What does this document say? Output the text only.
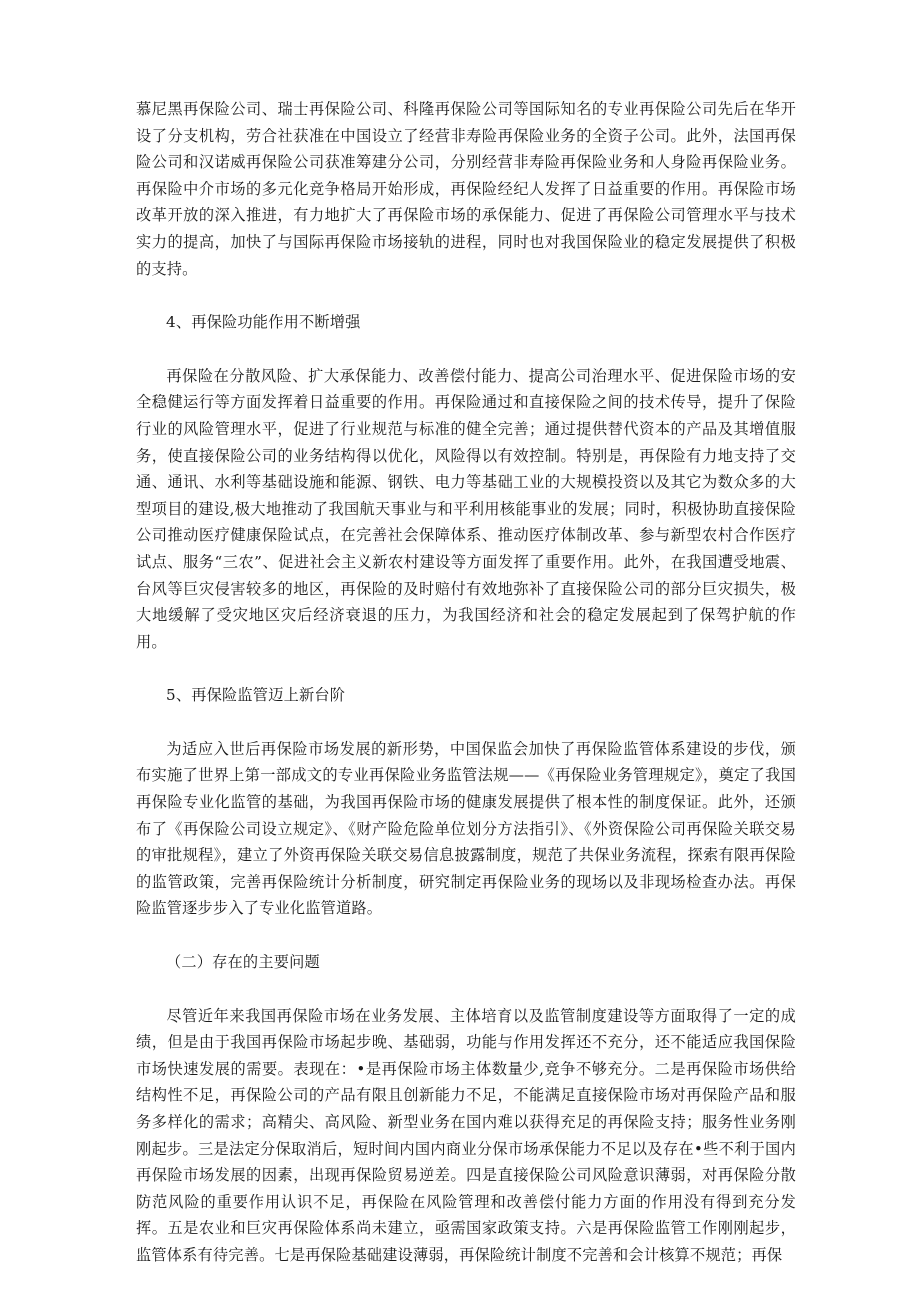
慕尼黑再保险公司、瑞士再保险公司、科隆再保险公司等国际知名的专业再保险公司先后在华开设了分支机构，劳合社获准在中国设立了经营非寿险再保险业务的全资子公司。此外，法国再保险公司和汉诺威再保险公司获准筹建分公司，分别经营非寿险再保险业务和人身险再保险业务。再保险中介市场的多元化竞争格局开始形成，再保险经纪人发挥了日益重要的作用。再保险市场改革开放的深入推进，有力地扩大了再保险市场的承保能力、促进了再保险公司管理水平与技术实力的提高，加快了与国际再保险市场接轨的进程，同时也对我国保险业的稳定发展提供了积极的支持。

4、再保险功能作用不断增强

再保险在分散风险、扩大承保能力、改善偿付能力、提高公司治理水平、促进保险市场的安全稳健运行等方面发挥着日益重要的作用。再保险通过和直接保险之间的技术传导，提升了保险行业的风险管理水平，促进了行业规范与标准的健全完善；通过提供替代资本的产品及其增值服务，使直接保险公司的业务结构得以优化，风险得以有效控制。特别是，再保险有力地支持了交通、通讯、水利等基础设施和能源、钢铁、电力等基础工业的大规模投资以及其它为数众多的大型项目的建设,极大地推动了我国航天事业与和平利用核能事业的发展；同时，积极协助直接保险公司推动医疗健康保险试点，在完善社会保障体系、推动医疗体制改革、参与新型农村合作医疗试点、服务“三农”、促进社会主义新农村建设等方面发挥了重要作用。此外，在我国遭受地震、台风等巨灾侵害较多的地区，再保险的及时赔付有效地弥补了直接保险公司的部分巨灾损失，极大地缓解了受灾地区灾后经济衰退的压力，为我国经济和社会的稳定发展起到了保驾护航的作用。

5、再保险监管迈上新台阶

为适应入世后再保险市场发展的新形势，中国保监会加快了再保险监管体系建设的步伐，颁布实施了世界上第一部成文的专业再保险业务监管法规——《再保险业务管理规定》，奠定了我国再保险专业化监管的基础，为我国再保险市场的健康发展提供了根本性的制度保证。此外，还颁布了《再保险公司设立规定》、《财产险危险单位划分方法指引》、《外资保险公司再保险关联交易的审批规程》，建立了外资再保险关联交易信息披露制度，规范了共保业务流程，探索有限再保险的监管政策，完善再保险统计分析制度，研究制定再保险业务的现场以及非现场检查办法。再保险监管逐步步入了专业化监管道路。

（二）存在的主要问题

尽管近年来我国再保险市场在业务发展、主体培育以及监管制度建设等方面取得了一定的成绩，但是由于我国再保险市场起步晚、基础弱，功能与作用发挥还不充分，还不能适应我国保险市场快速发展的需要。表现在：•是再保险市场主体数量少,竞争不够充分。二是再保险市场供给结构性不足，再保险公司的产品有限且创新能力不足，不能满足直接保险市场对再保险产品和服务多样化的需求；高精尖、高风险、新型业务在国内难以获得充足的再保险支持；服务性业务刚刚起步。三是法定分保取消后，短时间内国内商业分保市场承保能力不足以及存在•些不利于国内再保险市场发展的因素，出现再保险贸易逆差。四是直接保险公司风险意识薄弱，对再保险分散防范风险的重要作用认识不足，再保险在风险管理和改善偿付能力方面的作用没有得到充分发挥。五是农业和巨灾再保险体系尚未建立，亟需国家政策支持。六是再保险监管工作刚刚起步，监管体系有待完善。七是再保险基础建设薄弱，再保险统计制度不完善和会计核算不规范；再保
